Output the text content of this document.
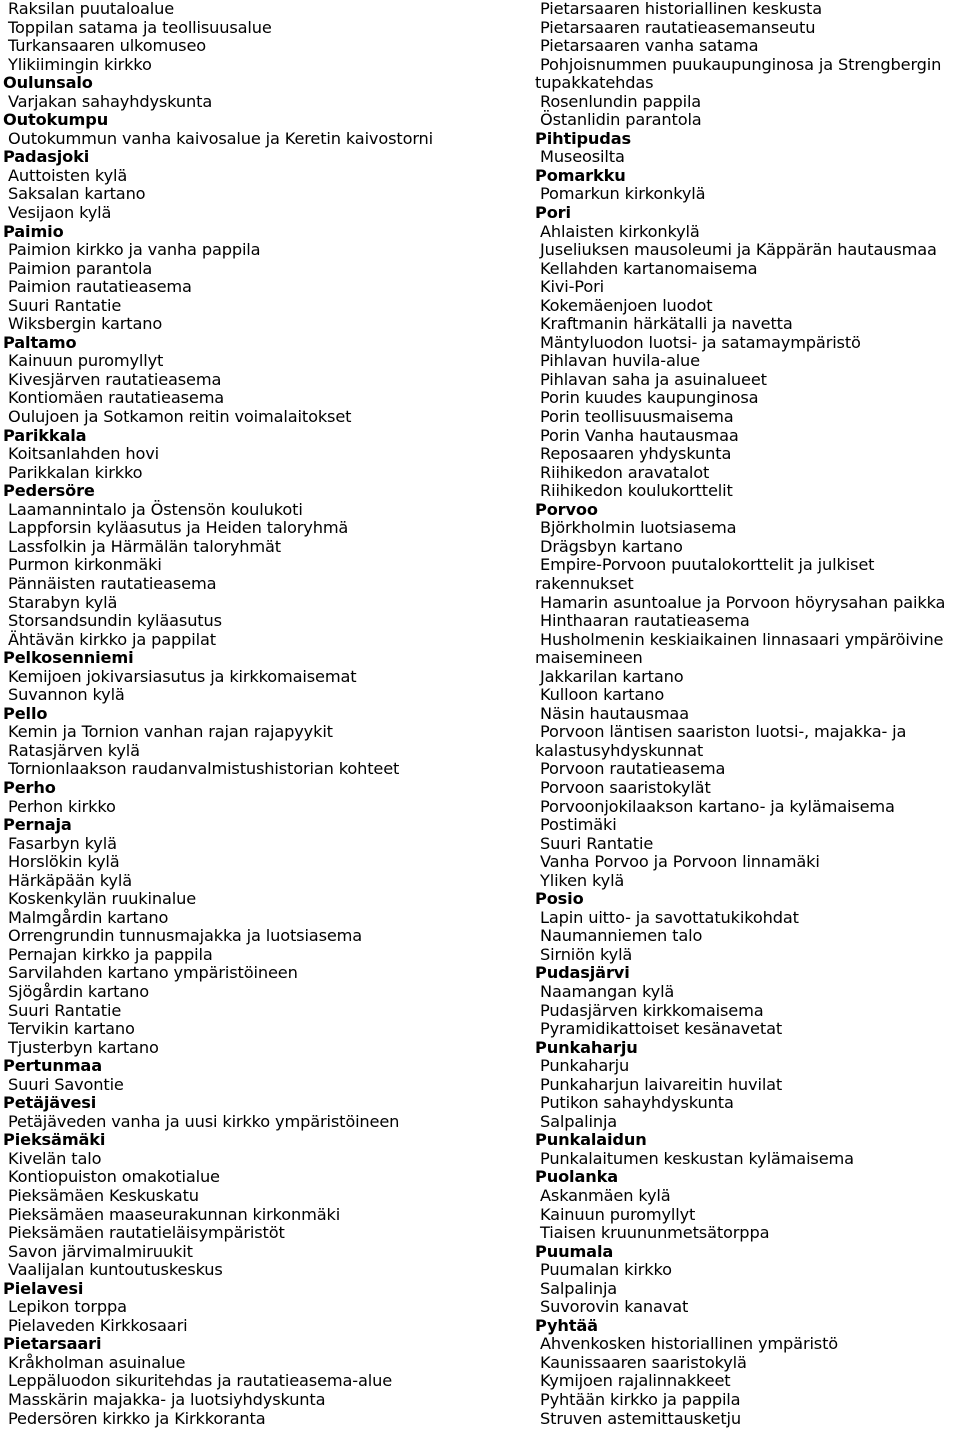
Raksilan puutaloalue
Toppilan satama ja teollisuusalue
Turkansaaren ulkomuseo
Ylikiimingin kirkko
Oulunsalo
Varjakan sahayhdyskunta
Outokumpu
Outokummun vanha kaivosalue ja Keretin kaivostorni
Padasjoki
Auttoisten kylä
Saksalan kartano
Vesijaon kylä
Paimio
Paimion kirkko ja vanha pappila
Paimion parantola
Paimion rautatieasema
Suuri Rantatie
Wiksbergin kartano
Paltamo
Kainuun puromyllyt
Kivesjärven rautatieasema
Kontiomäen rautatieasema
Oulujoen ja Sotkamon reitin voimalaitokset
Parikkala
Koitsanlahden hovi
Parikkalan kirkko
Pedersöre
Laamannintalo ja Östensön koulukoti
Lappforsin kyläasutus ja Heiden taloryhmä
Lassfolkin ja Härmälän taloryhmät
Purmon kirkonmäki
Pännäisten rautatieasema
Starabyn kylä
Storsandsundin kyläasutus
Ähtävän kirkko ja pappilat
Pelkosenniemi
Kemijoen jokivarsiasutus ja kirkkomaisemat
Suvannon kylä
Pello
Kemin ja Tornion vanhan rajan rajapyykit
Ratasjärven kylä
Tornionlaakson raudanvalmistushistorian kohteet
Perho
Perhon kirkko
Pernaja
Fasarbyn kylä
Horslökin kylä
Härkäpään kylä
Koskenkylän ruukinalue
Malmgårdin kartano
Orrengrundin tunnusmajakka ja luotsiasema
Pernajan kirkko ja pappila
Sarvilahden kartano ympäristöineen
Sjögårdin kartano
Suuri Rantatie
Tervikin kartano
Tjusterbyn kartano
Pertunmaa
Suuri Savontie
Petäjävesi
Petäjäveden vanha ja uusi kirkko ympäristöineen
Pieksämäki
Kivelän talo
Kontiopuiston omakotialue
Pieksämäen Keskuskatu
Pieksämäen maaseurakunnan kirkonmäki
Pieksämäen rautatieläisympäristöt
Savon järvimalmiruukit
Vaalijalan kuntoutuskeskus
Pielavesi
Lepikon torppa
Pielaveden Kirkkosaari
Pietarsaari
Kråkholman asuinalue
Leppäluodon sikuritehdas ja rautatieasema-alue
Masskärin majakka- ja luotsiyhdyskunta
Pedersören kirkko ja Kirkkoranta
Pietarsaaren historiallinen keskusta
Pietarsaaren rautatieasemanseutu
Pietarsaaren vanha satama
Pohjoisnummen puukaupunginosa ja Strengbergin
tupakkatehdas
Rosenlundin pappila
Östanlidin parantola
Pihtipudas
Museosilta
Pomarkku
Pomarkun kirkonkylä
Pori
Ahlaisten kirkonkylä
Juseliuksen mausoleumi ja Käppärän hautausmaa
Kellahden kartanomaisema
Kivi-Pori
Kokemäenjoen luodot
Kraftmanin härkätalli ja navetta
Mäntyluodon luotsi- ja satamaympäristö
Pihlavan huvila-alue
Pihlavan saha ja asuinalueet
Porin kuudes kaupunginosa
Porin teollisuusmaisema
Porin Vanha hautausmaa
Reposaaren yhdyskunta
Riihikedon aravatalot
Riihikedon koulukorttelit
Porvoo
Björkholmin luotsiasema
Drägsbyn kartano
Empire-Porvoon puutalokorttelit ja julkiset
rakennukset
Hamarin asuntoalue ja Porvoon höyrysahan paikka
Hinthaaran rautatieasema
Husholmenin keskiaikainen linnasaari ympäröivine
maisemineen
Jakkarilan kartano
Kulloon kartano
Näsin hautausmaa
Porvoon läntisen saariston luotsi-, majakka- ja
kalastusyhdyskunnat
Porvoon rautatieasema
Porvoon saaristokylät
Porvoonjokilaakson kartano- ja kylämaisema
Postimäki
Suuri Rantatie
Vanha Porvoo ja Porvoon linnamäki
Yliken kylä
Posio
Lapin uitto- ja savottatukikohdat
Naumanniemen talo
Sirniön kylä
Pudasjärvi
Naamangan kylä
Pudasjärven kirkkomaisema
Pyramidikattoiset kesänavetat
Punkaharju
Punkaharju
Punkaharjun laivareitin huvilat
Putikon sahayhdyskunta
Salpalinja
Punkalaidun
Punkalaitumen keskustan kylämaisema
Puolanka
Askanmäen kylä
Kainuun puromyllyt
Tiaisen kruununmetsätorppa
Puumala
Puumalan kirkko
Salpalinja
Suvorovin kanavat
Pyhtää
Ahvenkosken historiallinen ympäristö
Kaunissaaren saaristokylä
Kymijoen rajalinnakkeet
Pyhtään kirkko ja pappila
Struven astemittausketju
